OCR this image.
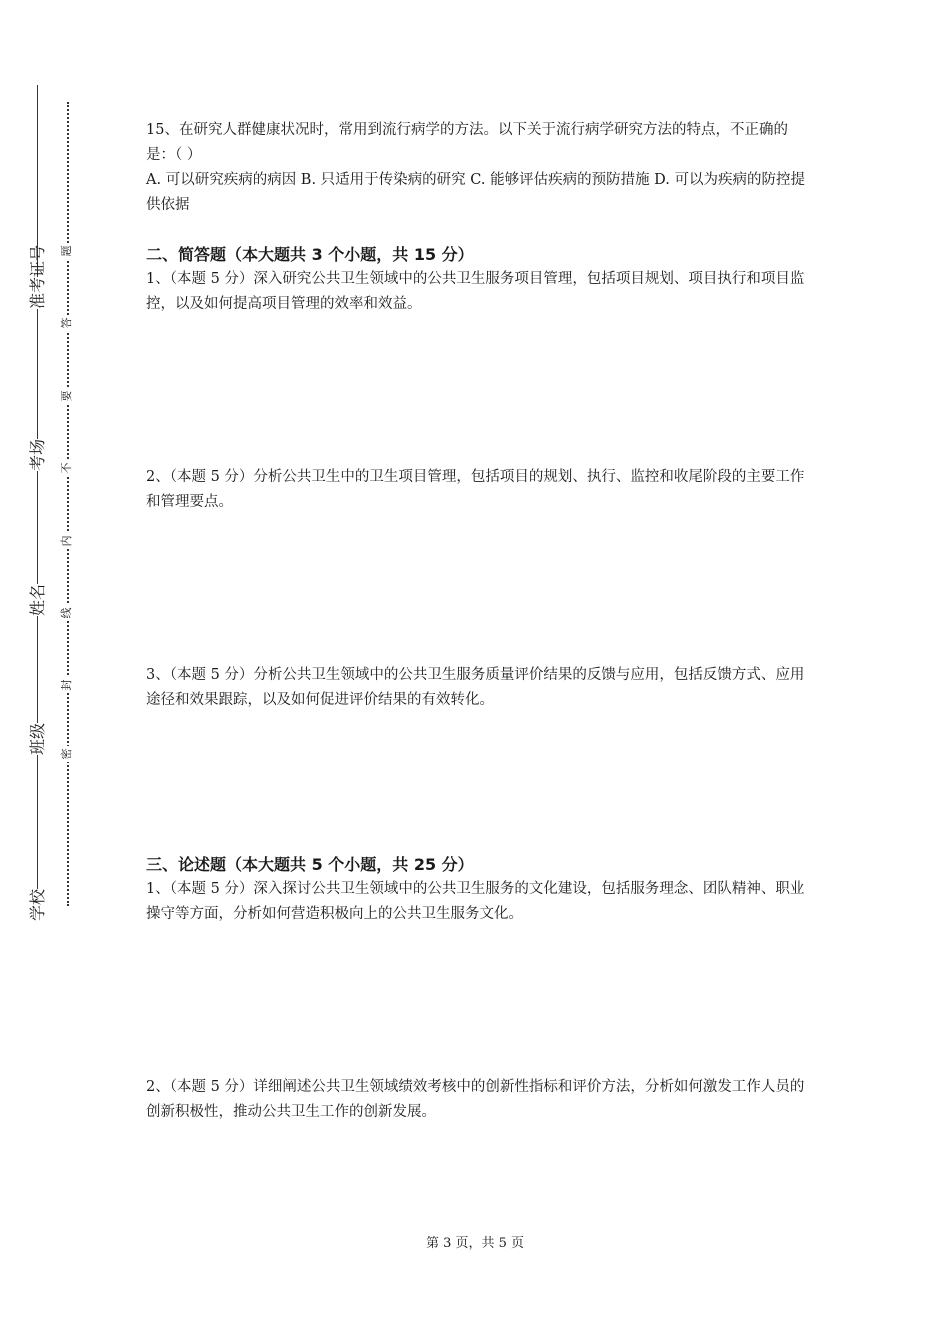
准考证号
考场
姓名
班级
学校
题
答
要
不
内
线
封
密

15、在研究人群健康状况时，常用到流行病学的方法。以下关于流行病学研究方法的特点，不正确的是：（ ）

A. 可以研究疾病的病因 B. 只适用于传染病的研究 C. 能够评估疾病的预防措施 D. 可以为疾病的防控提供依据

二、简答题（本大题共 3 个小题，共 15 分）

1、（本题 5 分）深入研究公共卫生领域中的公共卫生服务项目管理，包括项目规划、项目执行和项目监控，以及如何提高项目管理的效率和效益。

2、（本题 5 分）分析公共卫生中的卫生项目管理，包括项目的规划、执行、监控和收尾阶段的主要工作和管理要点。

3、（本题 5 分）分析公共卫生领域中的公共卫生服务质量评价结果的反馈与应用，包括反馈方式、应用途径和效果跟踪，以及如何促进评价结果的有效转化。

三、论述题（本大题共 5 个小题，共 25 分）

1、（本题 5 分）深入探讨公共卫生领域中的公共卫生服务的文化建设，包括服务理念、团队精神、职业操守等方面，分析如何营造积极向上的公共卫生服务文化。

2、（本题 5 分）详细阐述公共卫生领域绩效考核中的创新性指标和评价方法，分析如何激发工作人员的创新积极性，推动公共卫生工作的创新发展。

第 3 页，共 5 页
